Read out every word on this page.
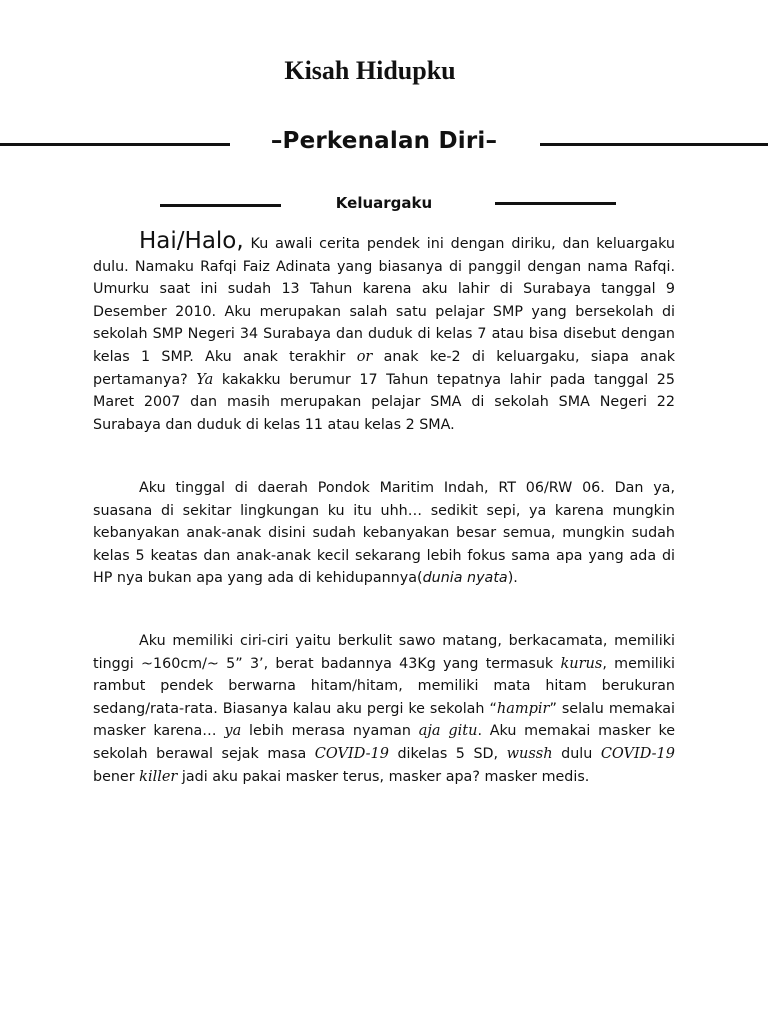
Kisah Hidupku
–Perkenalan Diri–
Keluargaku

Hai/Halo, Ku awali cerita pendek ini dengan diriku, dan keluargaku dulu. Namaku Rafqi Faiz Adinata yang biasanya di panggil dengan nama Rafqi. Umurku saat ini sudah 13 Tahun karena aku lahir di Surabaya tanggal 9 Desember 2010. Aku merupakan salah satu pelajar SMP yang bersekolah di sekolah SMP Negeri 34 Surabaya dan duduk di kelas 7 atau bisa disebut dengan kelas 1 SMP. Aku anak terakhir or anak ke-2 di keluargaku, siapa anak pertamanya? Ya kakakku berumur 17 Tahun tepatnya lahir pada tanggal 25 Maret 2007 dan masih merupakan pelajar SMA di sekolah SMA Negeri 22 Surabaya dan duduk di kelas 11 atau kelas 2 SMA.

Aku tinggal di daerah Pondok Maritim Indah, RT 06/RW 06. Dan ya, suasana di sekitar lingkungan ku itu uhh… sedikit sepi, ya karena mungkin kebanyakan anak-anak disini sudah kebanyakan besar semua, mungkin sudah kelas 5 keatas dan anak-anak kecil sekarang lebih fokus sama apa yang ada di HP nya bukan apa yang ada di kehidupannya(dunia nyata).

Aku memiliki ciri-ciri yaitu berkulit sawo matang, berkacamata, memiliki tinggi ~160cm/~ 5” 3’, berat badannya 43Kg yang termasuk kurus, memiliki rambut pendek berwarna hitam/hitam, memiliki mata hitam berukuran sedang/rata-rata. Biasanya kalau aku pergi ke sekolah “hampir” selalu memakai masker karena… ya lebih merasa nyaman aja gitu. Aku memakai masker ke sekolah berawal sejak masa COVID-19 dikelas 5 SD, wussh dulu COVID-19 bener killer jadi aku pakai masker terus, masker apa? masker medis.
